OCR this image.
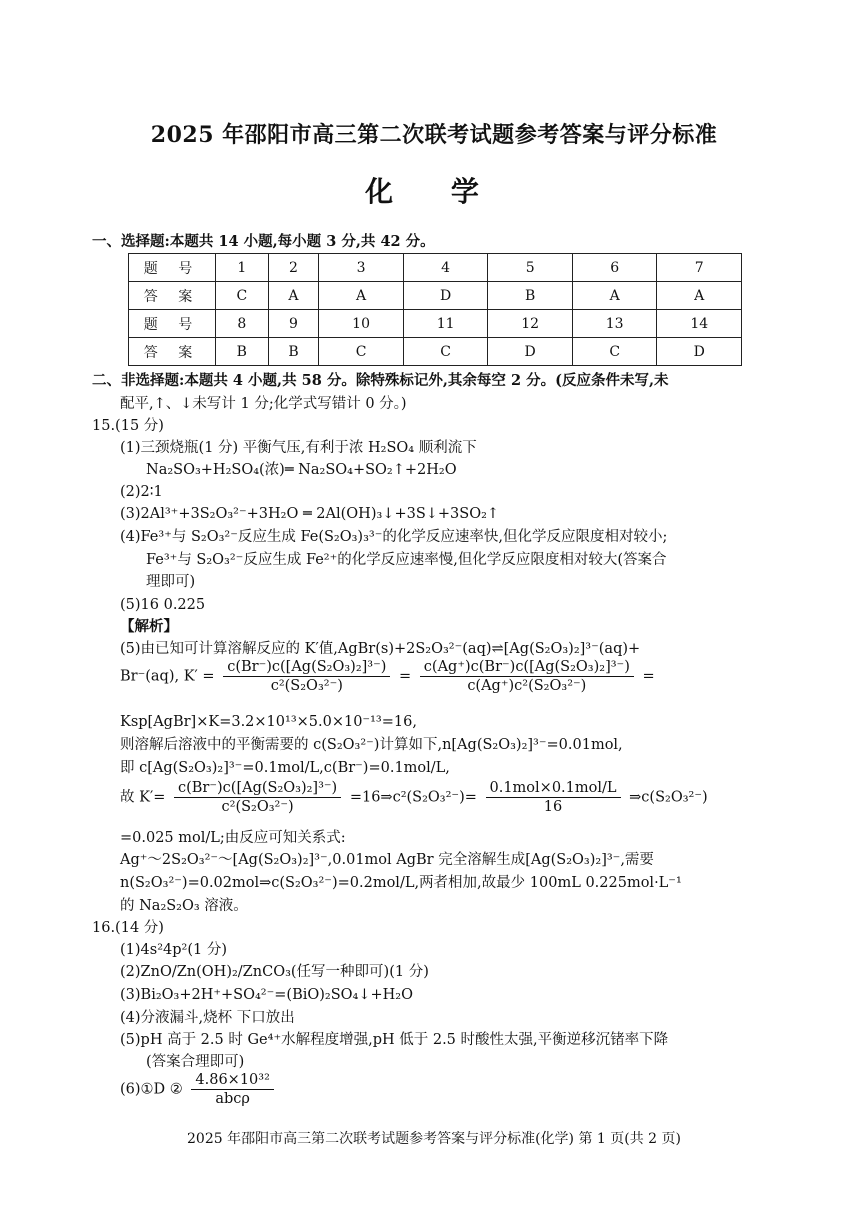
2025 年邵阳市高三第二次联考试题参考答案与评分标准
化 学
一、选择题:本题共 14 小题,每小题 3 分,共 42 分。
题 号	1	2	3	4	5	6	7
答 案	C	A	A	D	B	A	A
题 号	8	9	10	11	12	13	14
答 案	B	B	C	C	D	C	D
二、非选择题:本题共 4 小题,共 58 分。除特殊标记外,其余每空 2 分。(反应条件未写,未
配平,↑、↓未写计 1 分;化学式写错计 0 分。)
15.(15 分)
(1)三颈烧瓶(1 分) 平衡气压,有利于浓 H₂SO₄ 顺利流下
Na₂SO₃+H₂SO₄(浓)═ Na₂SO₄+SO₂↑+2H₂O
(2)2∶1
(3)2Al³⁺+3S₂O₃²⁻+3H₂O ═ 2Al(OH)₃↓+3S↓+3SO₂↑
(4)Fe³⁺与 S₂O₃²⁻反应生成 Fe(S₂O₃)₃³⁻的化学反应速率快,但化学反应限度相对较小;
Fe³⁺与 S₂O₃²⁻反应生成 Fe²⁺的化学反应速率慢,但化学反应限度相对较大(答案合
理即可)
(5)16 0.225
【解析】
(5)由已知可计算溶解反应的 K′值,AgBr(s)+2S₂O₃²⁻(aq)⇌[Ag(S₂O₃)₂]³⁻(aq)+
Br⁻(aq), $K' = \frac{\text{c(Br⁻)c([Ag(S₂O₃)₂]³⁻)}}{\text{c²(S₂O₃²⁻)}} = \frac{\text{c(Ag⁺)c(Br⁻)c([Ag(S₂O₃)₂]³⁻)}}{\text{c(Ag⁺)c²(S₂O₃²⁻)}}$ =
Ksp[AgBr]×K=3.2×10¹³×5.0×10⁻¹³=16,
则溶解后溶液中的平衡需要的 c(S₂O₃²⁻)计算如下,n[Ag(S₂O₃)₂]³⁻=0.01mol,
即 c[Ag(S₂O₃)₂]³⁻=0.1mol/L,c(Br⁻)=0.1mol/L,
故 $K'= \frac{\text{c(Br⁻)c([Ag(S₂O₃)₂]³⁻)}}{\text{c²(S₂O₃²⁻)}}$ =16⇒c²(S₂O₃²⁻)= $\frac{\text{0.1mol×0.1mol/L}}{16}$ ⇒c(S₂O₃²⁻)
=0.025 mol/L;由反应可知关系式:
Ag⁺～2S₂O₃²⁻～[Ag(S₂O₃)₂]³⁻,0.01mol AgBr 完全溶解生成[Ag(S₂O₃)₂]³⁻,需要
n(S₂O₃²⁻)=0.02mol⇒c(S₂O₃²⁻)=0.2mol/L,两者相加,故最少 100mL 0.225mol·L⁻¹
的 Na₂S₂O₃ 溶液。
16.(14 分)
(1)4s²4p²(1 分)
(2)ZnO/Zn(OH)₂/ZnCO₃(任写一种即可)(1 分)
(3)Bi₂O₃+2H⁺+SO₄²⁻=(BiO)₂SO₄↓+H₂O
(4)分液漏斗,烧杯 下口放出
(5)pH 高于 2.5 时 Ge⁴⁺水解程度增强,pH 低于 2.5 时酸性太强,平衡逆移沉锗率下降
(答案合理即可)
(6)①D ② $\frac{\text{4.86×10³²}}{\text{abcρ}}$
2025 年邵阳市高三第二次联考试题参考答案与评分标准(化学) 第 1 页(共 2 页)
